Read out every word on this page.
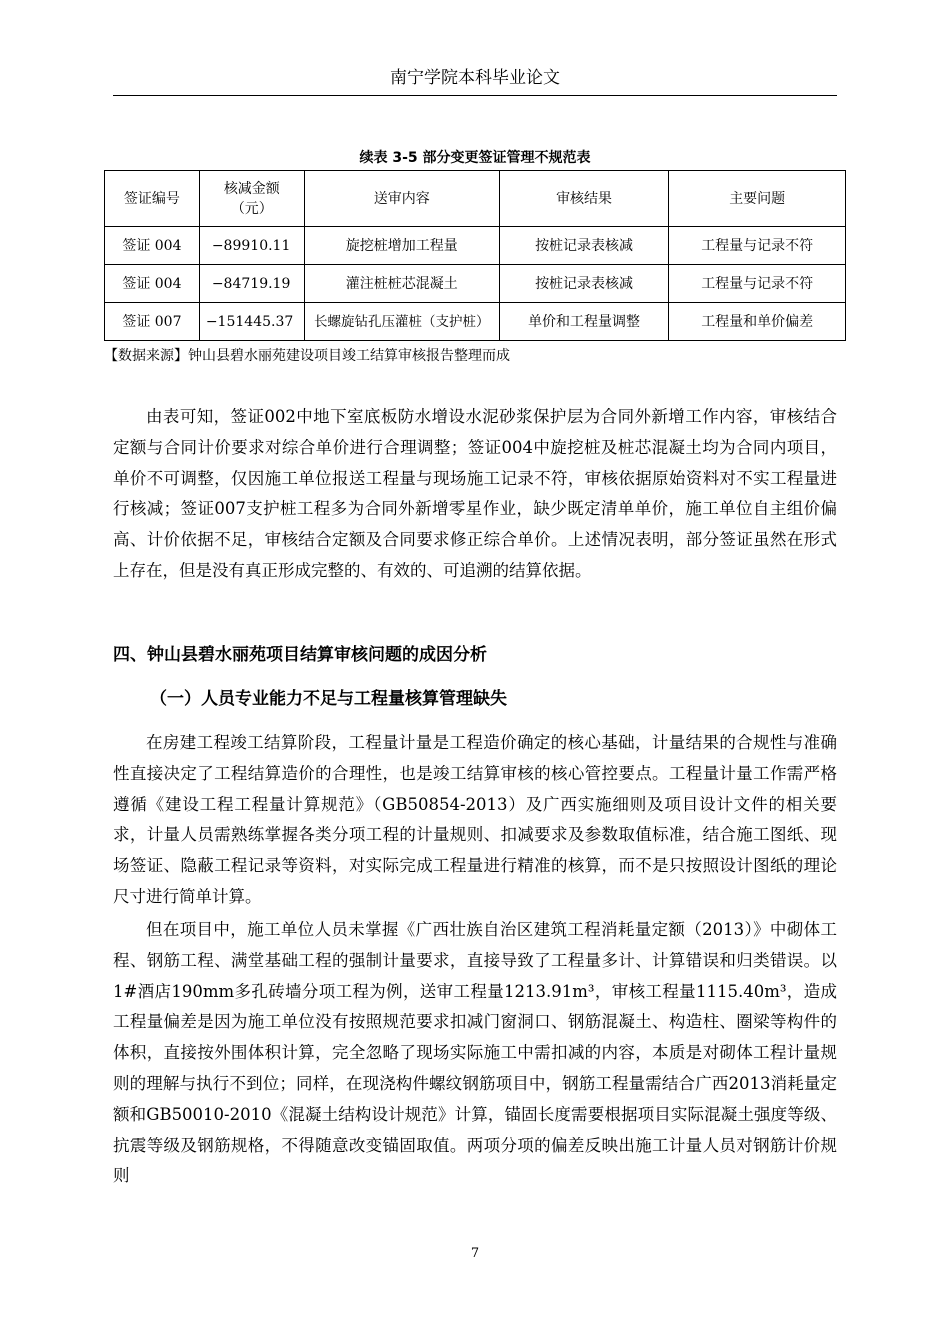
南宁学院本科毕业论文
续表 3-5 部分变更签证管理不规范表
签证编号	核减金额（元）	送审内容	审核结果	主要问题
签证 004	−89910.11	旋挖桩增加工程量	按桩记录表核减	工程量与记录不符
签证 004	−84719.19	灌注桩桩芯混凝土	按桩记录表核减	工程量与记录不符
签证 007	−151445.37	长螺旋钻孔压灌桩（支护桩）	单价和工程量调整	工程量和单价偏差
【数据来源】钟山县碧水丽苑建设项目竣工结算审核报告整理而成
由表可知，签证002中地下室底板防水增设水泥砂浆保护层为合同外新增工作内容，审核结合定额与合同计价要求对综合单价进行合理调整；签证004中旋挖桩及桩芯混凝土均为合同内项目，单价不可调整，仅因施工单位报送工程量与现场施工记录不符，审核依据原始资料对不实工程量进行核减；签证007支护桩工程多为合同外新增零星作业，缺少既定清单单价，施工单位自主组价偏高、计价依据不足，审核结合定额及合同要求修正综合单价。上述情况表明，部分签证虽然在形式上存在，但是没有真正形成完整的、有效的、可追溯的结算依据。
四、钟山县碧水丽苑项目结算审核问题的成因分析
（一）人员专业能力不足与工程量核算管理缺失
在房建工程竣工结算阶段，工程量计量是工程造价确定的核心基础，计量结果的合规性与准确性直接决定了工程结算造价的合理性，也是竣工结算审核的核心管控要点。工程量计量工作需严格遵循《建设工程工程量计算规范》（GB50854-2013）及广西实施细则及项目设计文件的相关要求，计量人员需熟练掌握各类分项工程的计量规则、扣减要求及参数取值标准，结合施工图纸、现场签证、隐蔽工程记录等资料，对实际完成工程量进行精准的核算，而不是只按照设计图纸的理论尺寸进行简单计算。
但在项目中，施工单位人员未掌握《广西壮族自治区建筑工程消耗量定额（2013）》中砌体工程、钢筋工程、满堂基础工程的强制计量要求，直接导致了工程量多计、计算错误和归类错误。以1#酒店190mm多孔砖墙分项工程为例，送审工程量1213.91m³，审核工程量1115.40m³，造成工程量偏差是因为施工单位没有按照规范要求扣减门窗洞口、钢筋混凝土、构造柱、圈梁等构件的体积，直接按外围体积计算，完全忽略了现场实际施工中需扣减的内容，本质是对砌体工程计量规则的理解与执行不到位；同样，在现浇构件螺纹钢筋项目中，钢筋工程量需结合广西2013消耗量定额和GB50010-2010《混凝土结构设计规范》计算，锚固长度需要根据项目实际混凝土强度等级、抗震等级及钢筋规格，不得随意改变锚固取值。两项分项的偏差反映出施工计量人员对钢筋计价规则
7
